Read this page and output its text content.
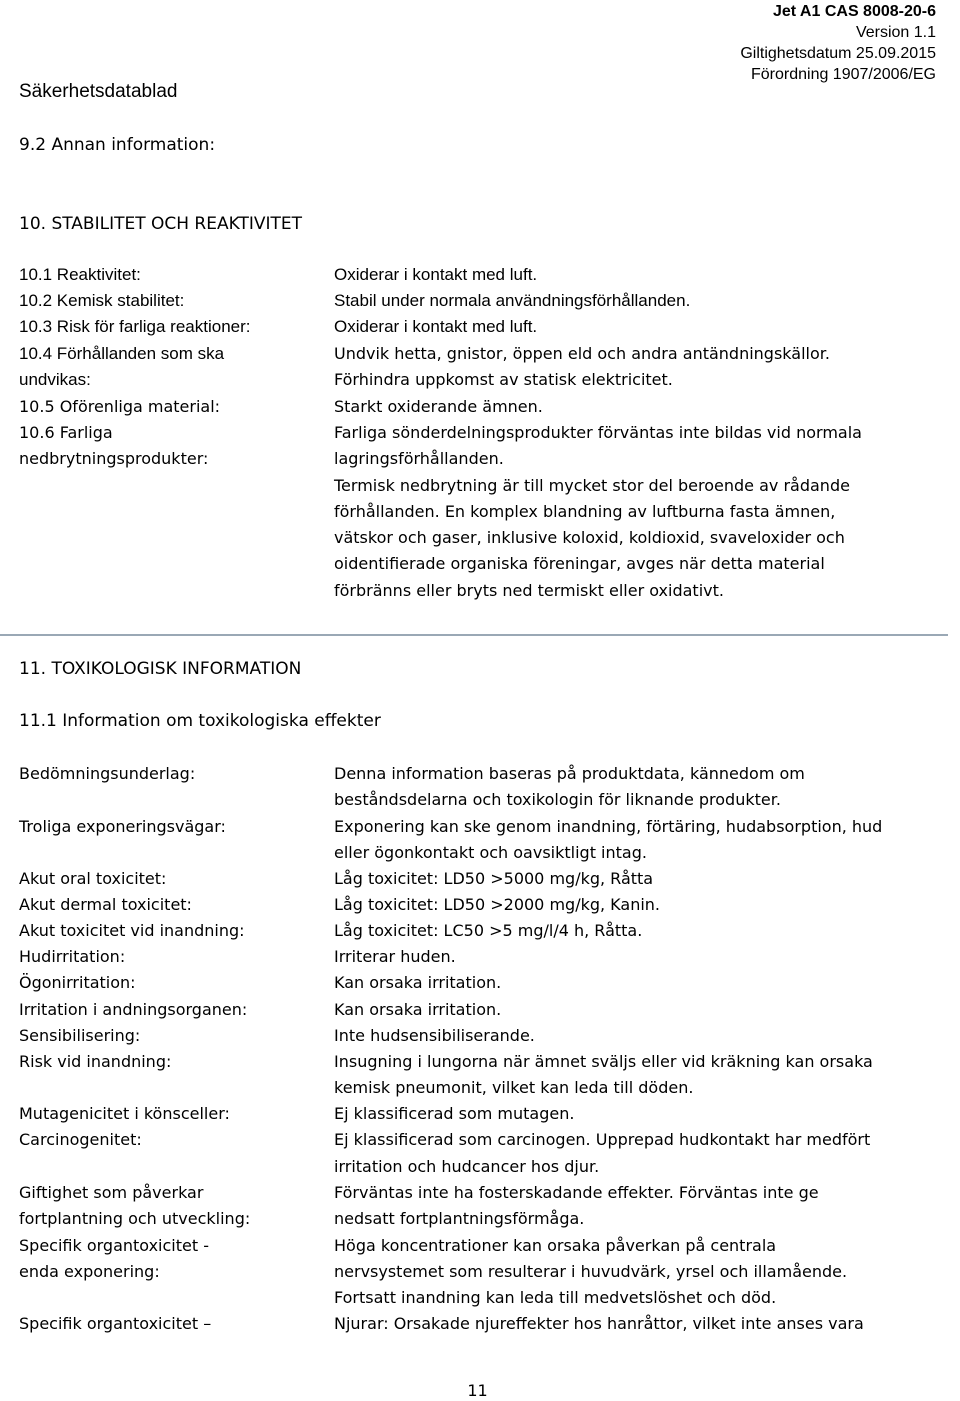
Jet A1 CAS 8008-20-6
Version 1.1
Giltighetsdatum 25.09.2015
Förordning 1907/2006/EG
Säkerhetsdatablad
9.2 Annan information:
10. STABILITET OCH REAKTIVITET
10.1 Reaktivitet:	Oxiderar i kontakt med luft.
10.2 Kemisk stabilitet:	Stabil under normala användningsförhållanden.
10.3 Risk för farliga reaktioner:	Oxiderar i kontakt med luft.
10.4 Förhållanden som ska	Undvik hetta, gnistor, öppen eld och andra antändningskällor.
undvikas:	Förhindra uppkomst av statisk elektricitet.
10.5 Oförenliga material:	Starkt oxiderande ämnen.
10.6 Farliga	Farliga sönderdelningsprodukter förväntas inte bildas vid normala
nedbrytningsprodukter:	lagringsförhållanden.
Termisk nedbrytning är till mycket stor del beroende av rådande
förhållanden. En komplex blandning av luftburna fasta ämnen,
vätskor och gaser, inklusive koloxid, koldioxid, svaveloxider och
oidentifierade organiska föreningar, avges när detta material
förbränns eller bryts ned termiskt eller oxidativt.
11. TOXIKOLOGISK INFORMATION
11.1 Information om toxikologiska effekter
Bedömningsunderlag:	Denna information baseras på produktdata, kännedom om
beståndsdelarna och toxikologin för liknande produkter.
Troliga exponeringsvägar:	Exponering kan ske genom inandning, förtäring, hudabsorption, hud
eller ögonkontakt och oavsiktligt intag.
Akut oral toxicitet:	Låg toxicitet: LD50 >5000 mg/kg, Råtta
Akut dermal toxicitet:	Låg toxicitet: LD50 >2000 mg/kg, Kanin.
Akut toxicitet vid inandning:	Låg toxicitet: LC50 >5 mg/l/4 h, Råtta.
Hudirritation:	Irriterar huden.
Ögonirritation:	Kan orsaka irritation.
Irritation i andningsorganen:	Kan orsaka irritation.
Sensibilisering:	Inte hudsensibiliserande.
Risk vid inandning:	Insugning i lungorna när ämnet sväljs eller vid kräkning kan orsaka
kemisk pneumonit, vilket kan leda till döden.
Mutagenicitet i könsceller:	Ej klassificerad som mutagen.
Carcinogenitet:	Ej klassificerad som carcinogen. Upprepad hudkontakt har medfört
irritation och hudcancer hos djur.
Giftighet som påverkar	Förväntas inte ha fosterskadande effekter. Förväntas inte ge
fortplantning och utveckling:	nedsatt fortplantningsförmåga.
Specifik organtoxicitet -	Höga koncentrationer kan orsaka påverkan på centrala
enda exponering:	nervsystemet som resulterar i huvudvärk, yrsel och illamående.
Fortsatt inandning kan leda till medvetslöshet och död.
Specifik organtoxicitet –	Njurar: Orsakade njureffekter hos hanråttor, vilket inte anses vara
11
